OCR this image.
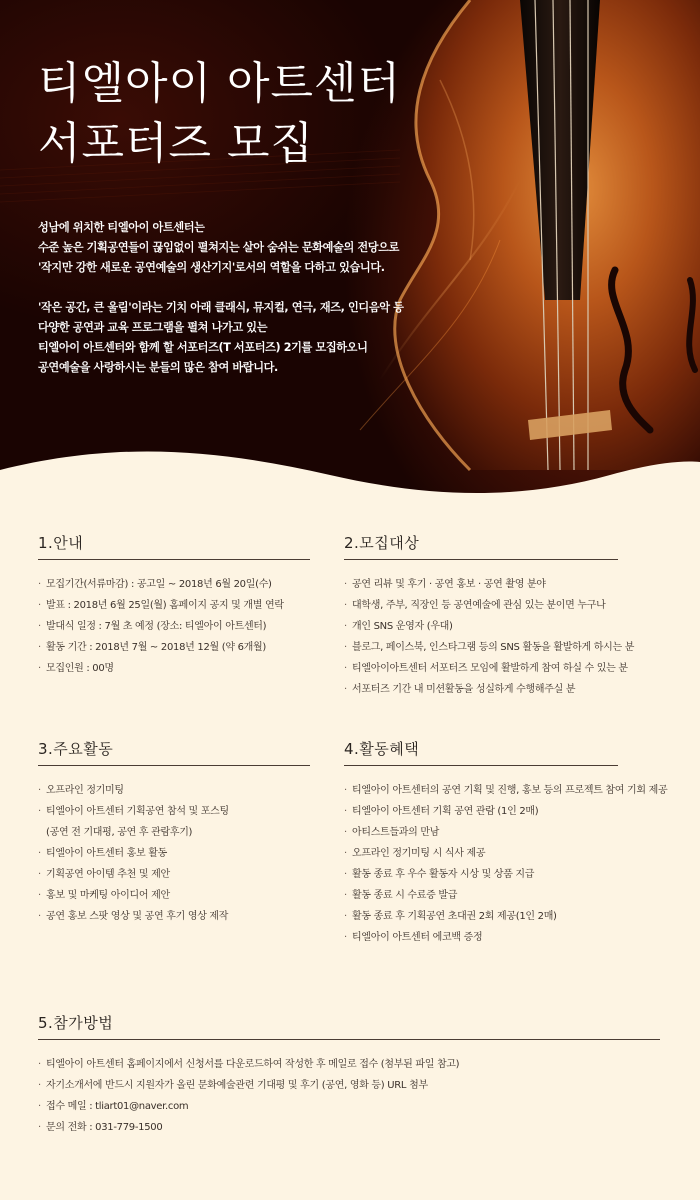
티엘아이 아트센터
서포터즈 모집

성남에 위치한 티엘아이 아트센터는
수준 높은 기획공연들이 끊임없이 펼쳐지는 살아 숨쉬는 문화예술의 전당으로
'작지만 강한 새로운 공연예술의 생산기지'로서의 역할을 다하고 있습니다.

'작은 공간, 큰 울림'이라는 기치 아래 클래식, 뮤지컬, 연극, 재즈, 인디음악 등
다양한 공연과 교육 프로그램을 펼쳐 나가고 있는
티엘아이 아트센터와 함께 할 서포터즈(T 서포터즈) 2기를 모집하오니
공연예술을 사랑하시는 분들의 많은 참여 바랍니다.

1.안내
· 모집기간(서류마감) : 공고일 ~ 2018년 6월 20일(수)
· 발표 : 2018년 6월 25일(월) 홈페이지 공지 및 개별 연락
· 발대식 일정 : 7월 초 예정 (장소: 티엘아이 아트센터)
· 활동 기간 : 2018년 7월 ~ 2018년 12월 (약 6개월)
· 모집인원 : 00명
2.모집대상
· 공연 리뷰 및 후기 · 공연 홍보 · 공연 촬영 분야
· 대학생, 주부, 직장인 등 공연예술에 관심 있는 분이면 누구나
· 개인 SNS 운영자 (우대)
· 블로그, 페이스북, 인스타그램 등의 SNS 활동을 활발하게 하시는 분
· 티엘아이아트센터 서포터즈 모임에 활발하게 참여 하실 수 있는 분
· 서포터즈 기간 내 미션활동을 성실하게 수행해주실 분
3.주요활동
· 오프라인 정기미팅
· 티엘아이 아트센터 기획공연 참석 및 포스팅
(공연 전 기대평, 공연 후 관람후기)
· 티엘아이 아트센터 홍보 활동
· 기획공연 아이템 추천 및 제안
· 홍보 및 마케팅 아이디어 제안
· 공연 홍보 스팟 영상 및 공연 후기 영상 제작
4.활동혜택
· 티엘아이 아트센터의 공연 기획 및 진행, 홍보 등의 프로젝트 참여 기회 제공
· 티엘아이 아트센터 기획 공연 관람 (1인 2매)
· 아티스트들과의 만남
· 오프라인 정기미팅 시 식사 제공
· 활동 종료 후 우수 활동자 시상 및 상품 지급
· 활동 종료 시 수료증 발급
· 활동 종료 후 기획공연 초대권 2회 제공(1인 2매)
· 티엘아이 아트센터 에코백 증정
5.참가방법
· 티엘아이 아트센터 홈페이지에서 신청서를 다운로드하여 작성한 후 메일로 접수 (첨부된 파일 참고)
· 자기소개서에 반드시 지원자가 올린 문화예술관련 기대평 및 후기 (공연, 영화 등) URL 첨부
· 접수 메일 : tliart01@naver.com
· 문의 전화 : 031-779-1500
